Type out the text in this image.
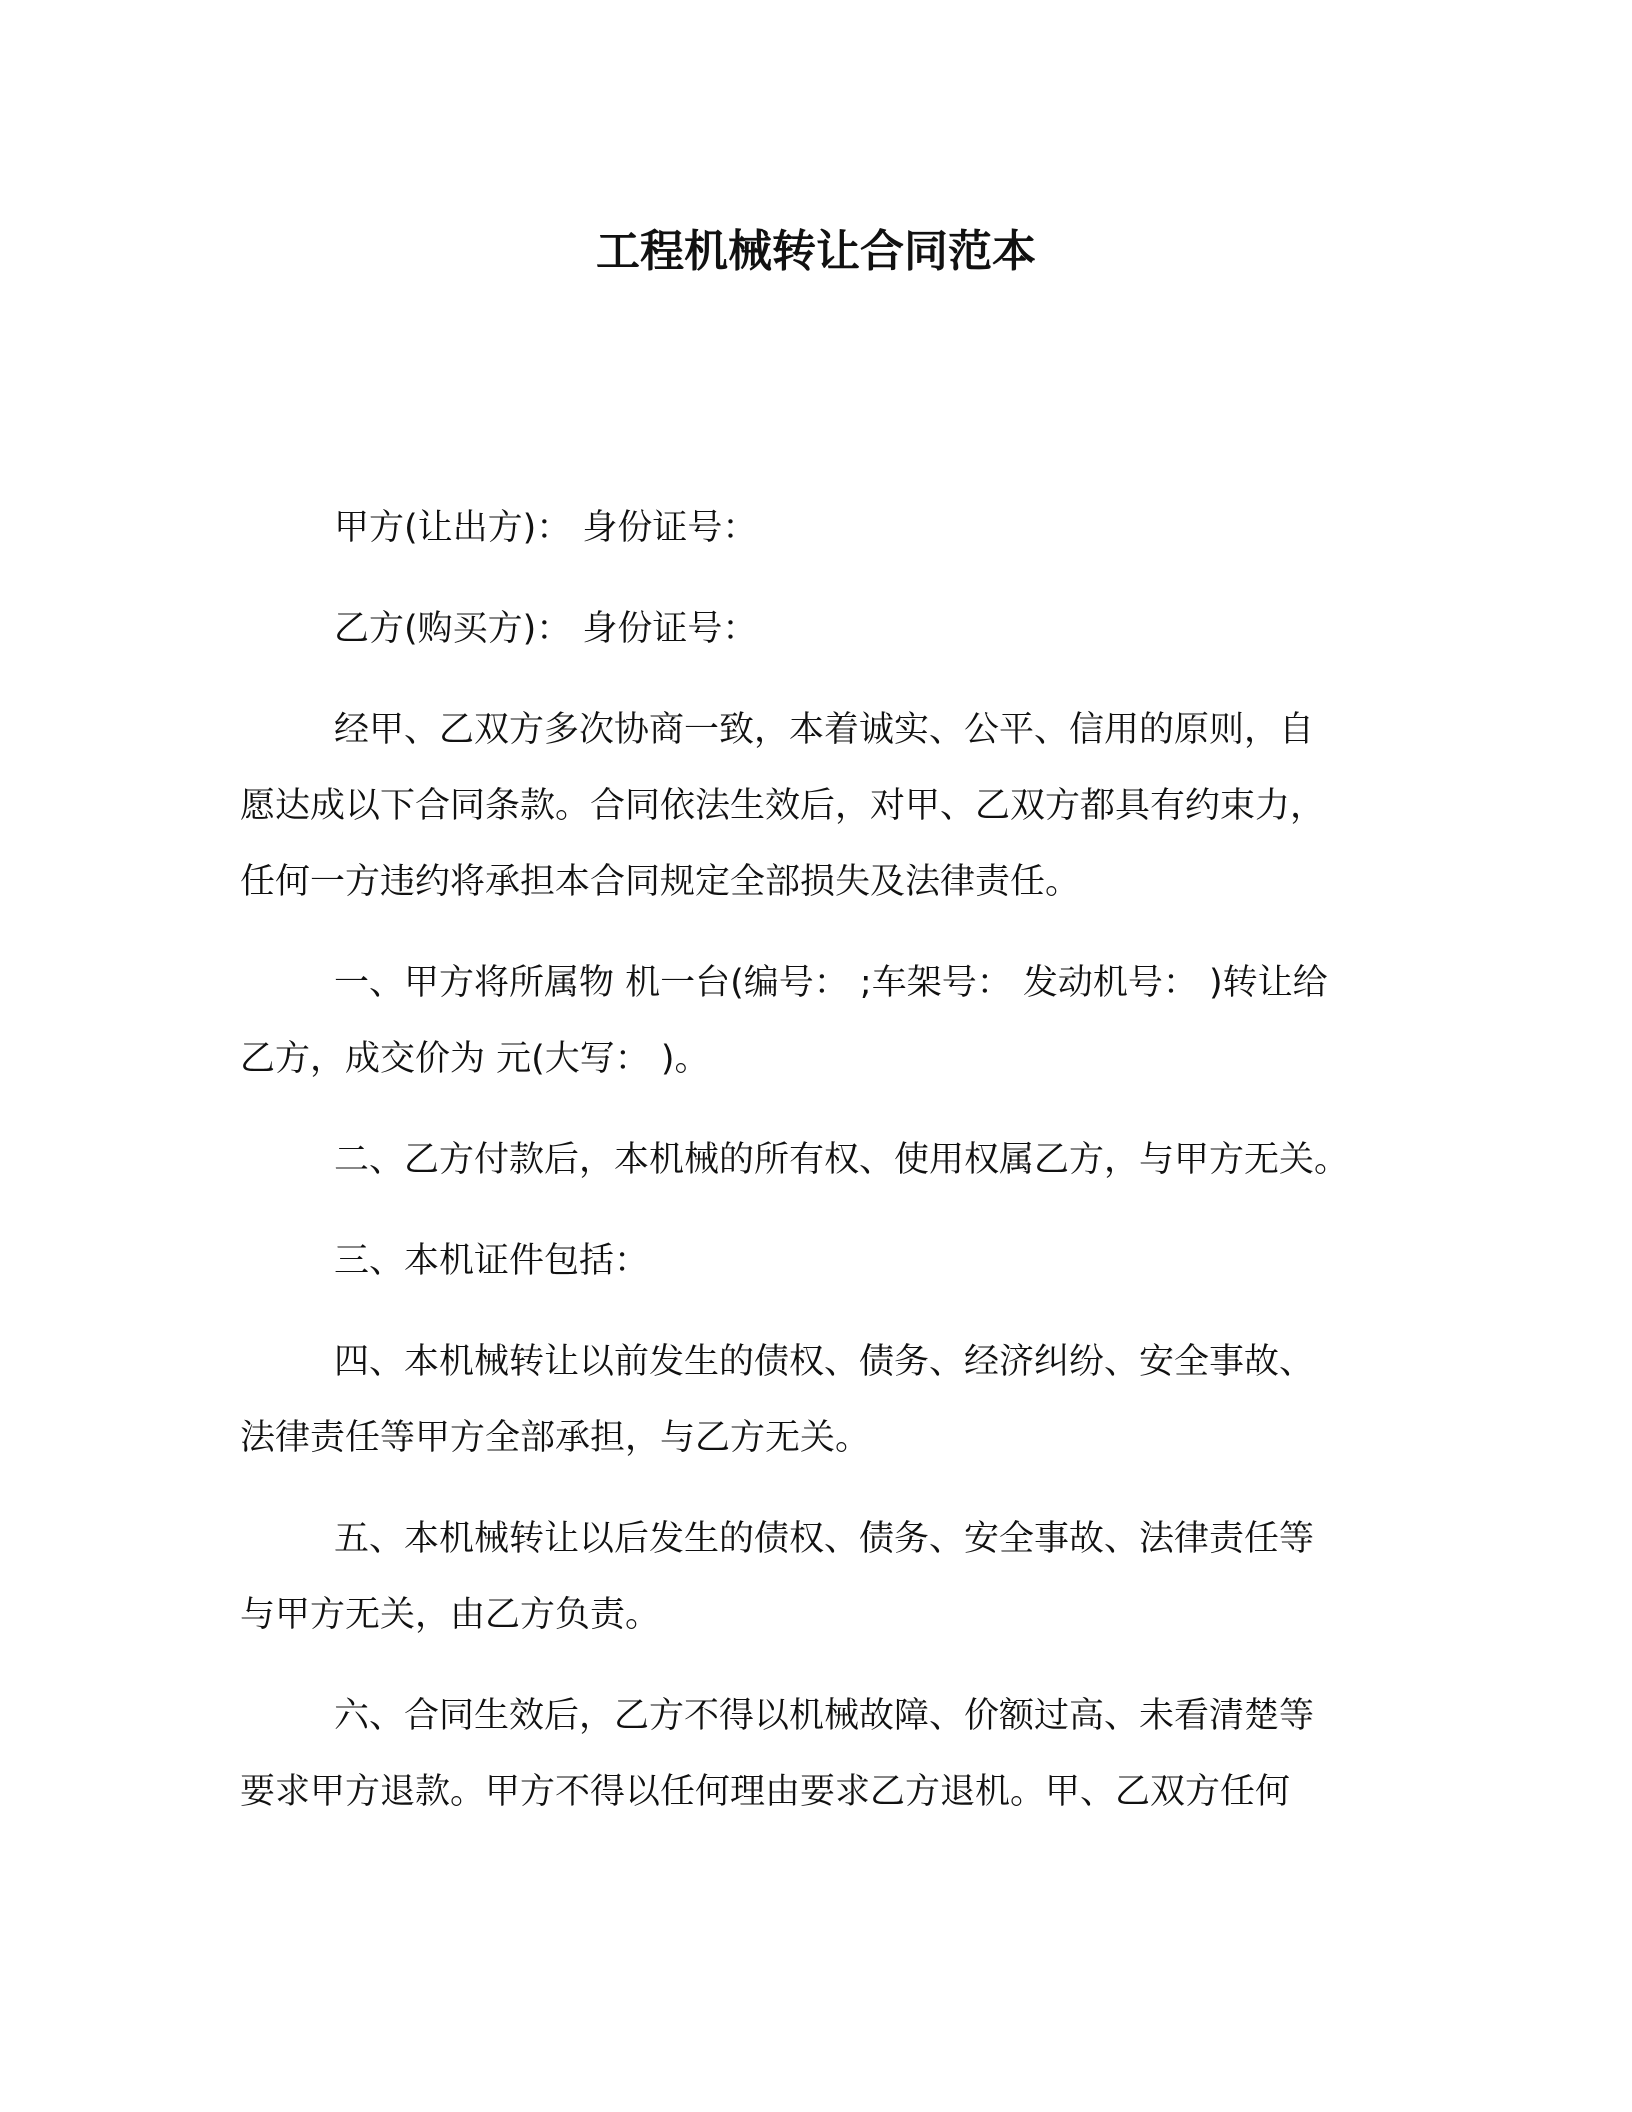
工程机械转让合同范本
甲方(让出方)： 身份证号：
乙方(购买方)： 身份证号：
经甲、乙双方多次协商一致，本着诚实、公平、信用的原则，自
愿达成以下合同条款。合同依法生效后，对甲、乙双方都具有约束力，
任何一方违约将承担本合同规定全部损失及法律责任。
一、甲方将所属物 机一台(编号： ;车架号： 发动机号： )转让给
乙方，成交价为 元(大写： )。
二、乙方付款后，本机械的所有权、使用权属乙方，与甲方无关。
三、本机证件包括：
四、本机械转让以前发生的债权、债务、经济纠纷、安全事故、
法律责任等甲方全部承担，与乙方无关。
五、本机械转让以后发生的债权、债务、安全事故、法律责任等
与甲方无关，由乙方负责。
六、合同生效后，乙方不得以机械故障、价额过高、未看清楚等
要求甲方退款。甲方不得以任何理由要求乙方退机。甲、乙双方任何
